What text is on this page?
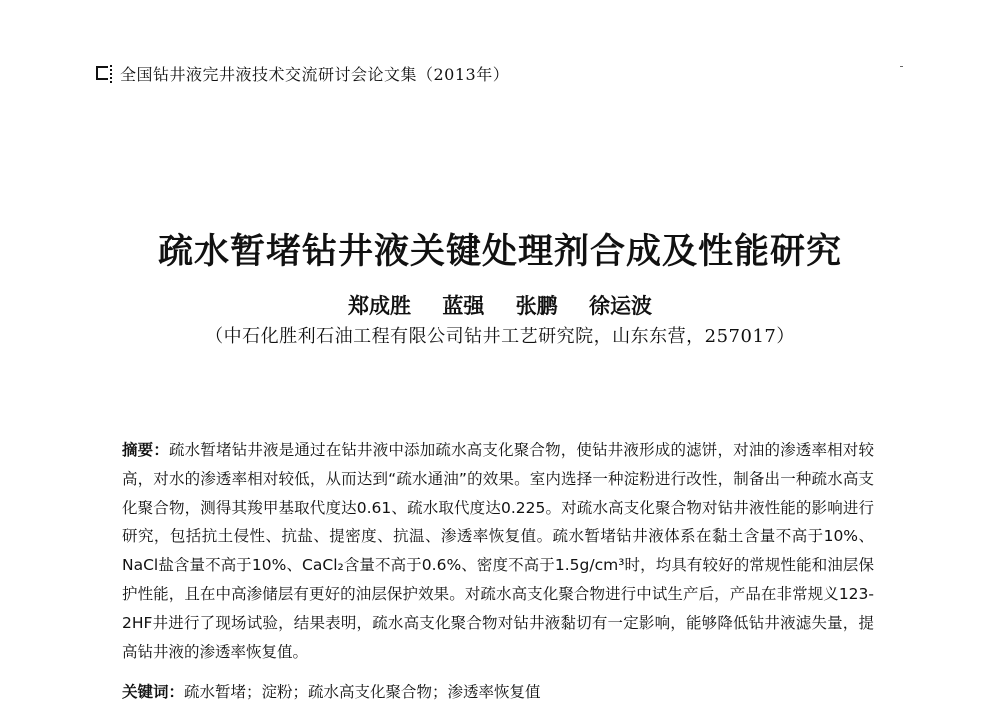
全国钻井液完井液技术交流研讨会论文集（2013年）
疏水暂堵钻井液关键处理剂合成及性能研究
郑成胜 蓝强 张鹏 徐运波
（中石化胜利石油工程有限公司钻井工艺研究院，山东东营，257017）
摘要：疏水暂堵钻井液是通过在钻井液中添加疏水高支化聚合物，使钻井液形成的滤饼，对油的渗透率相对较高，对水的渗透率相对较低，从而达到“疏水通油”的效果。室内选择一种淀粉进行改性，制备出一种疏水高支化聚合物，测得其羧甲基取代度达0.61、疏水取代度达0.225。对疏水高支化聚合物对钻井液性能的影响进行研究，包括抗土侵性、抗盐、提密度、抗温、渗透率恢复值。疏水暂堵钻井液体系在黏土含量不高于10%、NaCl盐含量不高于10%、CaCl₂含量不高于0.6%、密度不高于1.5g/cm³时，均具有较好的常规性能和油层保护性能，且在中高渗储层有更好的油层保护效果。对疏水高支化聚合物进行中试生产后，产品在非常规义123-2HF井进行了现场试验，结果表明，疏水高支化聚合物对钻井液黏切有一定影响，能够降低钻井液滤失量，提高钻井液的渗透率恢复值。
关键词：疏水暂堵；淀粉；疏水高支化聚合物；渗透率恢复值
